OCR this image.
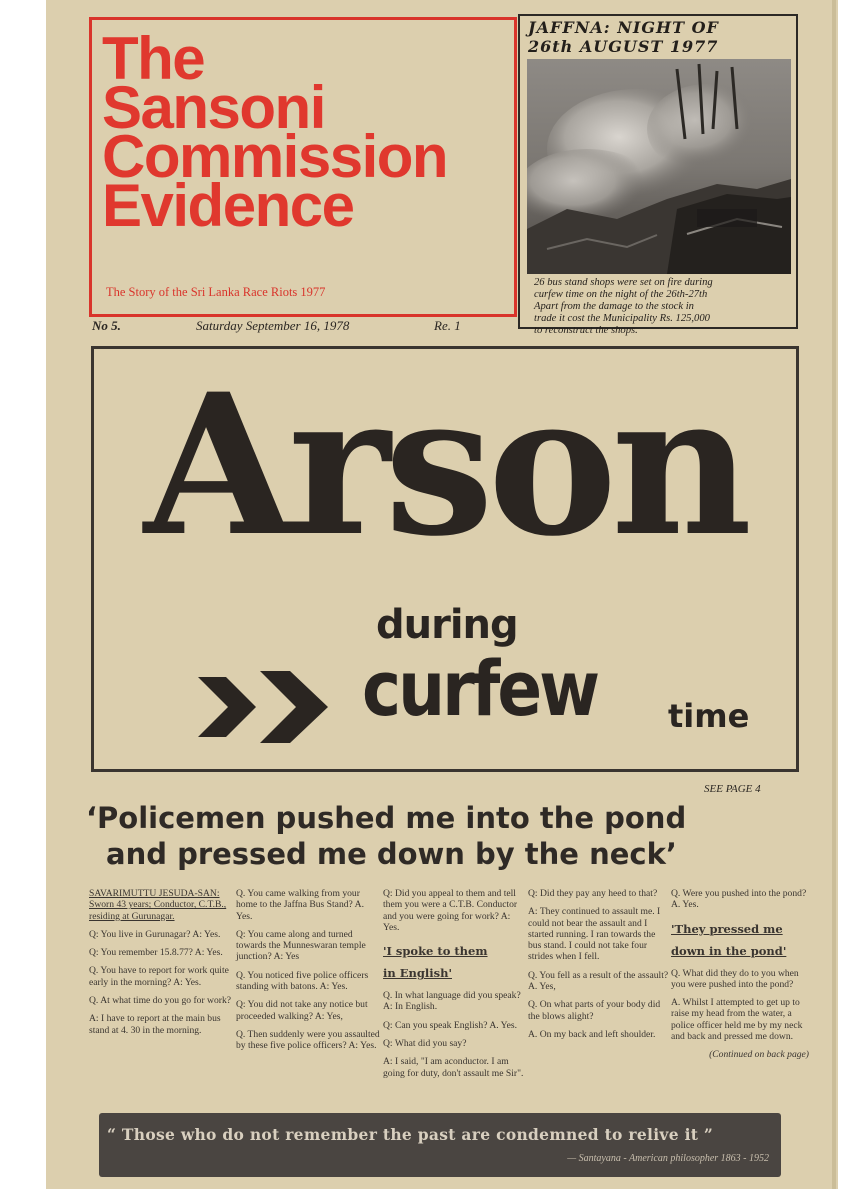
The
Sansoni
Commission
Evidence
The Story of the Sri Lanka Race Riots 1977
JAFFNA: NIGHT OF
26th AUGUST 1977
26 bus stand shops were set on fire during
curfew time on the night of the 26th-27th
Apart from the damage to the stock in
trade it cost the Municipality Rs. 125,000
to reconstruct the shops.
No 5.	Saturday September 16, 1978	Re. 1
Arson
during
curfew time
SEE PAGE 4
‘Policemen pushed me into the pond
and pressed me down by the neck’

SAVARIMUTTU JESUDA-SAN: Sworn 43 years; Conductor, C.T.B., residing at Gurunagar.

Q: You live in Gurunagar? A: Yes.

Q: You remember 15.8.77? A: Yes.

Q. You have to report for work quite early in the morning? A: Yes.

Q. At what time do you go for work?

A: I have to report at the main bus stand at 4. 30 in the morning.

Q. You came walking from your home to the Jaffna Bus Stand? A. Yes.

Q: You came along and turned towards the Munneswaran temple junction? A: Yes

Q. You noticed five police officers standing with batons. A: Yes.

Q: You did not take any notice but proceeded walking? A: Yes,

Q. Then suddenly were you assaulted by these five police officers? A: Yes.

Q: Did you appeal to them and tell them you were a C.T.B. Conductor and you were going for work? A: Yes.

'I spoke to them
in English'

Q. In what language did you speak? A: In English.

Q: Can you speak English? A. Yes.

Q: What did you say?

A: I said, "I am aconductor. I am going for duty, don't assault me Sir".

Q: Did they pay any heed to that?

A: They continued to assault me. I could not bear the assault and I started running. I ran towards the bus stand. I could not take four strides when I fell.

Q. You fell as a result of the assault? A. Yes,

Q. On what parts of your body did the blows alight?

A. On my back and left shoulder.

Q. Were you pushed into the pond? A. Yes.

'They pressed me
down in the pond'

Q. What did they do to you when you were pushed into the pond?

A. Whilst I attempted to get up to raise my head from the water, a police officer held me by my neck and back and pressed me down.

(Continued on back page)

“ Those who do not remember the past are condemned to relive it ”
— Santayana - American philosopher 1863 - 1952
